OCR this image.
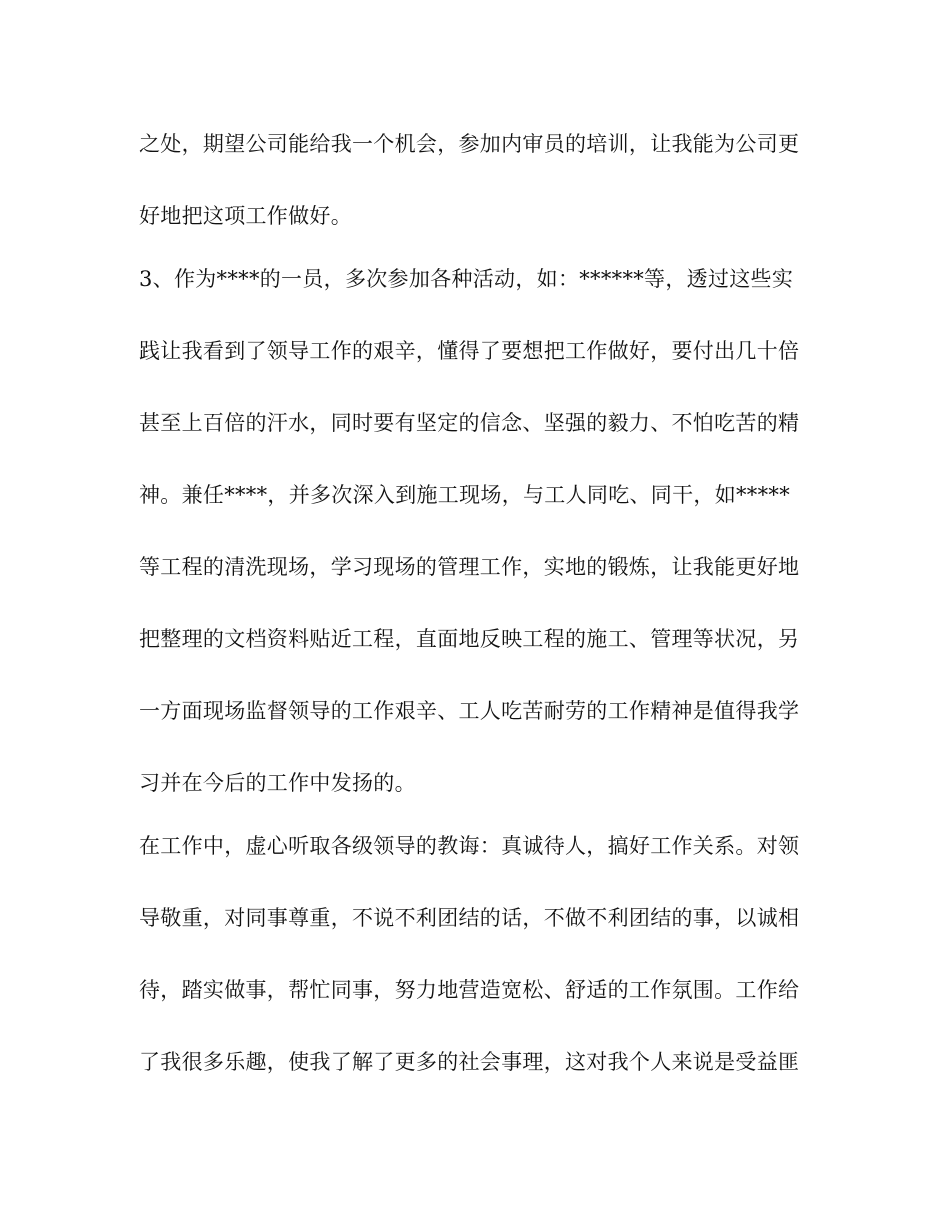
之处，期望公司能给我一个机会，参加内审员的培训，让我能为公司更
好地把这项工作做好。
3、作为****的一员，多次参加各种活动，如：******等，透过这些实
践让我看到了领导工作的艰辛，懂得了要想把工作做好，要付出几十倍
甚至上百倍的汗水，同时要有坚定的信念、坚强的毅力、不怕吃苦的精
神。兼任****，并多次深入到施工现场，与工人同吃、同干，如*****
等工程的清洗现场，学习现场的管理工作，实地的锻炼，让我能更好地
把整理的文档资料贴近工程，直面地反映工程的施工、管理等状况，另
一方面现场监督领导的工作艰辛、工人吃苦耐劳的工作精神是值得我学
习并在今后的工作中发扬的。
在工作中，虚心听取各级领导的教诲：真诚待人，搞好工作关系。对领
导敬重，对同事尊重，不说不利团结的话，不做不利团结的事，以诚相
待，踏实做事，帮忙同事，努力地营造宽松、舒适的工作氛围。工作给
了我很多乐趣，使我了解了更多的社会事理，这对我个人来说是受益匪
